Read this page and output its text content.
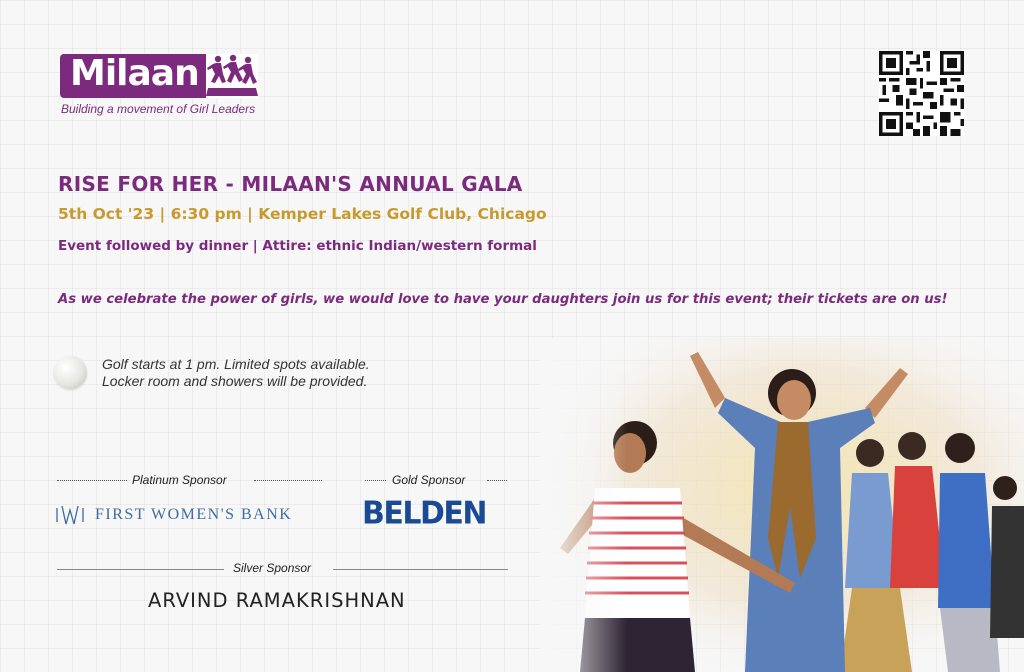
Milaan
Building a movement of Girl Leaders
RISE FOR HER - MILAAN'S ANNUAL GALA
5th Oct '23 | 6:30 pm | Kemper Lakes Golf Club, Chicago
Event followed by dinner | Attire: ethnic Indian/western formal
As we celebrate the power of girls, we would love to have your daughters join us for this event; their tickets are on us!
Golf starts at 1 pm. Limited spots available.
Locker room and showers will be provided.
Platinum Sponsor	Gold Sponsor
FIRST WOMEN'S BANK BELDEN
Silver Sponsor
ARVIND RAMAKRISHNAN
